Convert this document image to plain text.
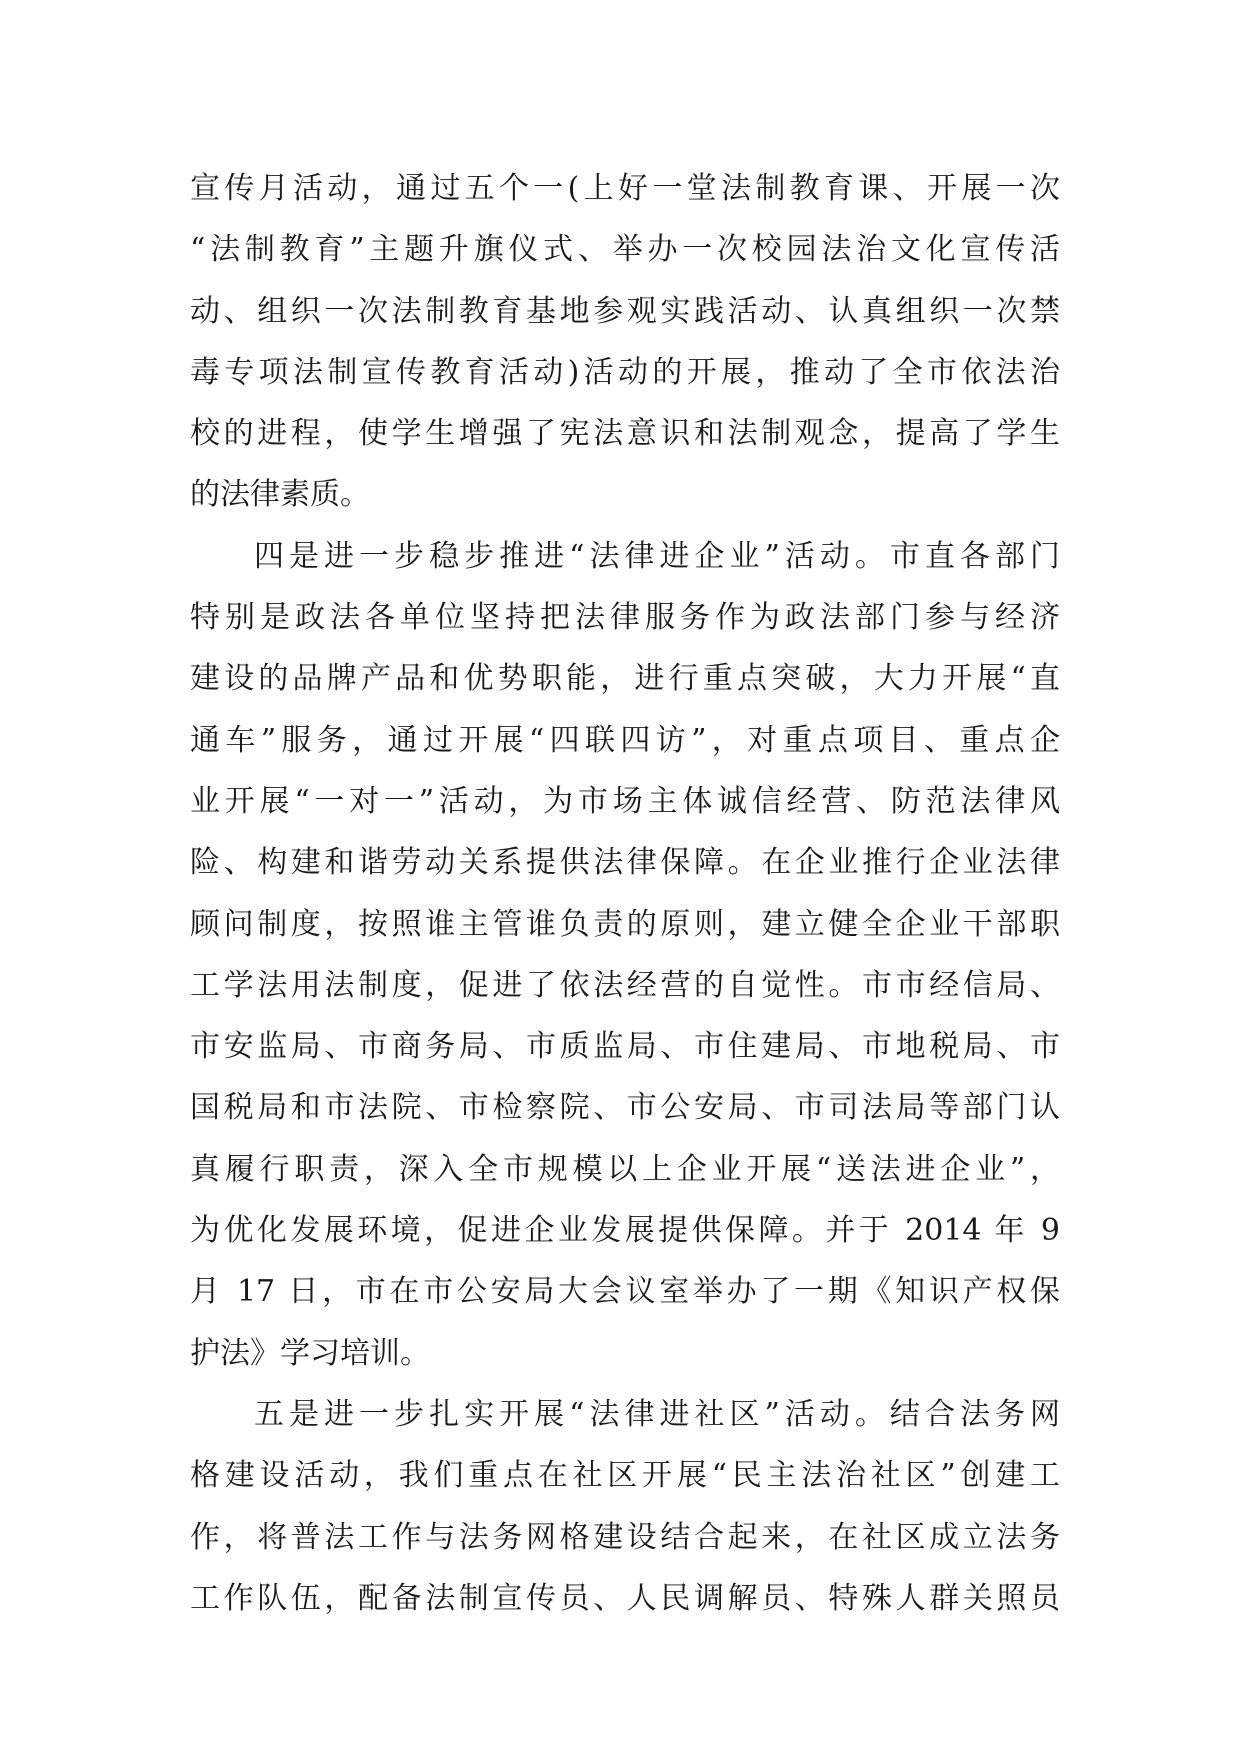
宣传月活动，通过五个一(上好一堂法制教育课、开展一次
“法制教育”主题升旗仪式、举办一次校园法治文化宣传活
动、组织一次法制教育基地参观实践活动、认真组织一次禁
毒专项法制宣传教育活动)活动的开展，推动了全市依法治
校的进程，使学生增强了宪法意识和法制观念，提高了学生
的法律素质。
四是进一步稳步推进“法律进企业”活动。市直各部门
特别是政法各单位坚持把法律服务作为政法部门参与经济
建设的品牌产品和优势职能，进行重点突破，大力开展“直
通车”服务，通过开展“四联四访”，对重点项目、重点企
业开展“一对一”活动，为市场主体诚信经营、防范法律风
险、构建和谐劳动关系提供法律保障。在企业推行企业法律
顾问制度，按照谁主管谁负责的原则，建立健全企业干部职
工学法用法制度，促进了依法经营的自觉性。市市经信局、
市安监局、市商务局、市质监局、市住建局、市地税局、市
国税局和市法院、市检察院、市公安局、市司法局等部门认
真履行职责，深入全市规模以上企业开展“送法进企业”，
为优化发展环境，促进企业发展提供保障。并于 2014 年 9
月 17 日，市在市公安局大会议室举办了一期《知识产权保
护法》学习培训。
五是进一步扎实开展“法律进社区”活动。结合法务网
格建设活动，我们重点在社区开展“民主法治社区”创建工
作，将普法工作与法务网格建设结合起来，在社区成立法务
工作队伍，配备法制宣传员、人民调解员、特殊人群关照员
